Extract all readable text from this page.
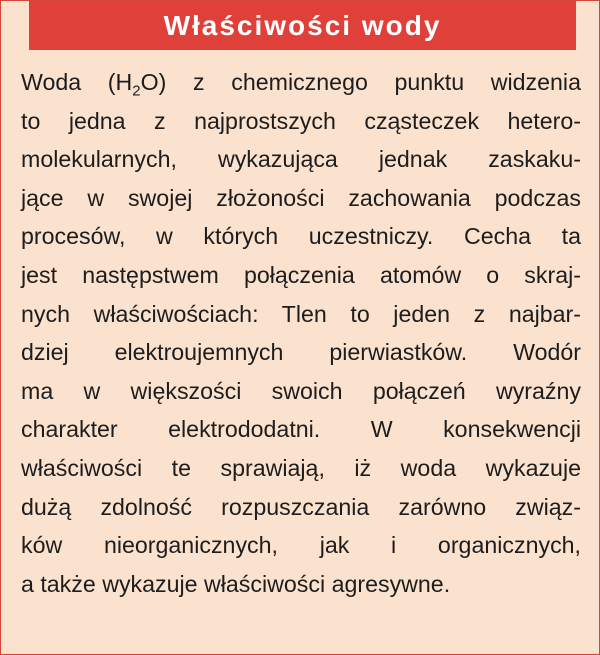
Właściwości wody
Woda $(H_2O)$ z chemicznego punktu widzenia
to jedna z najprostszych cząsteczek hetero-
molekularnych, wykazująca jednak zaskaku-
jące w swojej złożoności zachowania podczas
procesów, w których uczestniczy. Cecha ta
jest następstwem połączenia atomów o skraj-
nych właściwościach: Tlen to jeden z najbar-
dziej elektroujemnych pierwiastków. Wodór
ma w większości swoich połączeń wyraźny
charakter elektrododatni. W konsekwencji
właściwości te sprawiają, iż woda wykazuje
dużą zdolność rozpuszczania zarówno związ-
ków nieorganicznych, jak i organicznych,
a także wykazuje właściwości agresywne.
